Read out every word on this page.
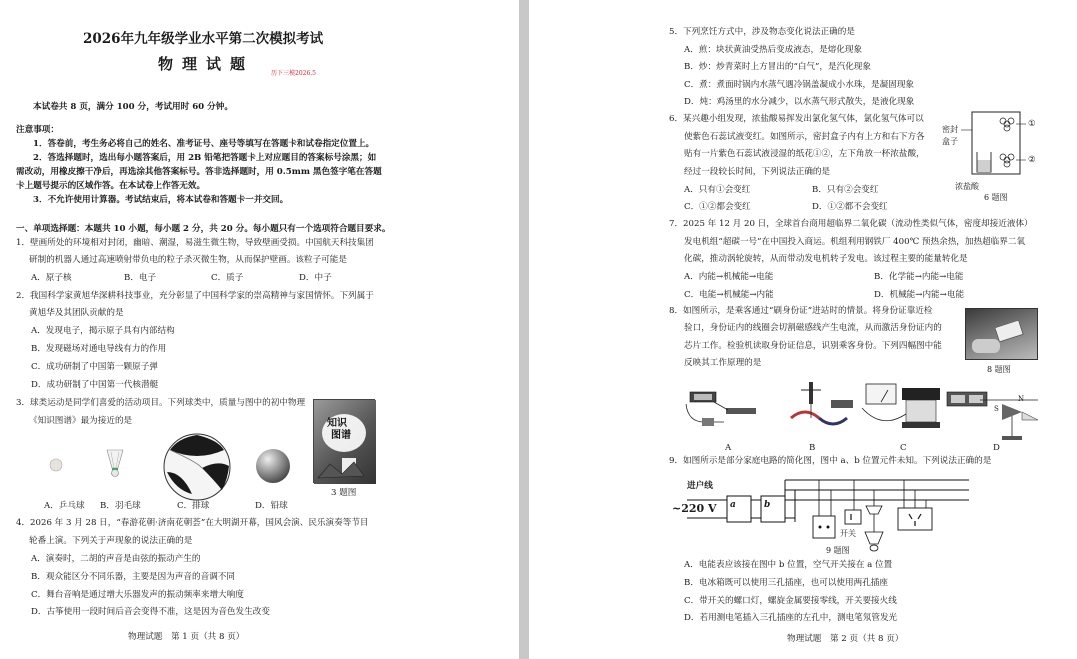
2026年九年级学业水平第二次模拟考试
物理试题
历下三模2026.5
本试卷共 8 页，满分 100 分，考试用时 60 分钟。
注意事项：
1．答卷前，考生务必将自己的姓名、准考证号、座号等填写在答题卡和试卷指定位置上。
2．答选择题时，选出每小题答案后，用 2B 铅笔把答题卡上对应题目的答案标号涂黑；如
需改动，用橡皮擦干净后，再选涂其他答案标号。答非选择题时，用 0.5mm 黑色签字笔在答题
卡上题号提示的区域作答。在本试卷上作答无效。
3．不允许使用计算器。考试结束后，将本试卷和答题卡一并交回。
一、单项选择题：本题共 10 小题，每小题 2 分，共 20 分。每小题只有一个选项符合题目要求。
1．壁画所处的环境相对封闭，幽暗、潮湿，易滋生微生物，导致壁画受损。中国航天科技集团
研制的机器人通过高速喷射带负电的粒子杀灭微生物，从而保护壁画。该粒子可能是
A．原子核	B．电子	C．质子	D．中子
2．我国科学家黄旭华深耕科技事业，充分彰显了中国科学家的崇高精神与家国情怀。下列属于
黄旭华及其团队贡献的是
A．发现电子，揭示原子具有内部结构
B．发现磁场对通电导线有力的作用
C．成功研制了中国第一颗原子弹
D．成功研制了中国第一代核潜艇
3．球类运动是同学们喜爱的活动项目。下列球类中，质量与图中的初中物理
《知识图谱》最为接近的是
A．乒乓球 B．羽毛球	C．排球	D．铅球
知识
图谱
3 题图
4．2026 年 3 月 28 日，“春游花朝·济南花朝荟”在大明湖开幕，国风会演、民乐演奏等节目
轮番上演。下列关于声现象的说法正确的是
A．演奏时，二胡的声音是由弦的振动产生的
B．观众能区分不同乐器，主要是因为声音的音调不同
C．舞台音响是通过增大乐器发声的振动频率来增大响度
D．古筝使用一段时间后音会变得不准，这是因为音色发生改变
物理试题　第 1 页（共 8 页）
5．下列烹饪方式中，涉及物态变化说法正确的是
A．煎：块状黄油受热后变成液态，是熔化现象
B．炒：炒青菜时上方冒出的“白气”，是汽化现象
C．煮：煮面时锅内水蒸气遇冷锅盖凝成小水珠，是凝固现象
D．炖：鸡汤里的水分减少，以水蒸气形式散失，是液化现象
6．某兴趣小组发现，浓盐酸易挥发出氯化氢气体，氯化氢气体可以
使紫色石蕊试液变红。如图所示，密封盒子内有上方和右下方各
贴有一片紫色石蕊试液浸湿的纸花①②，左下角放一杯浓盐酸，
经过一段较长时间，下列说法正确的是
A．只有①会变红	B．只有②会变红
C．①②都会变红	D．①②都不会变红
密封
盒子
①
②
浓盐酸
6 题图
7．2025 年 12 月 20 日，全球首台商用超临界二氧化碳（流动性类似气体，密度却接近液体）
发电机组“超碳一号”在中国投入商运。机组利用钢铁厂 400℃ 预热余热，加热超临界二氧
化碳，推动涡轮旋转，从而带动发电机转子发电。该过程主要的能量转化是
A．内能→机械能→电能	B．化学能→内能→电能
C．电能→机械能→内能	D．机械能→内能→电能
8．如图所示，是乘客通过“刷身份证”进站时的情景。将身份证靠近检
验口，身份证内的线圈会切割磁感线产生电流，从而激活身份证内的
芯片工作。检验机读取身份证信息，识别乘客身份。下列四幅图中能
反映其工作原理的是
8 题图
N
S
A	B	C	D
9．如图所示是部分家庭电路的简化图，图中 a、b 位置元件未知。下列说法正确的是
进户线
~220 V a	b
开关
9 题图
A．电能表应该接在图中 b 位置，空气开关接在 a 位置
B．电冰箱既可以使用三孔插座，也可以使用两孔插座
C．带开关的螺口灯，螺旋金属要接零线，开关要接火线
D．若用测电笔插入三孔插座的左孔中，测电笔氖管发光
物理试题　第 2 页（共 8 页）
